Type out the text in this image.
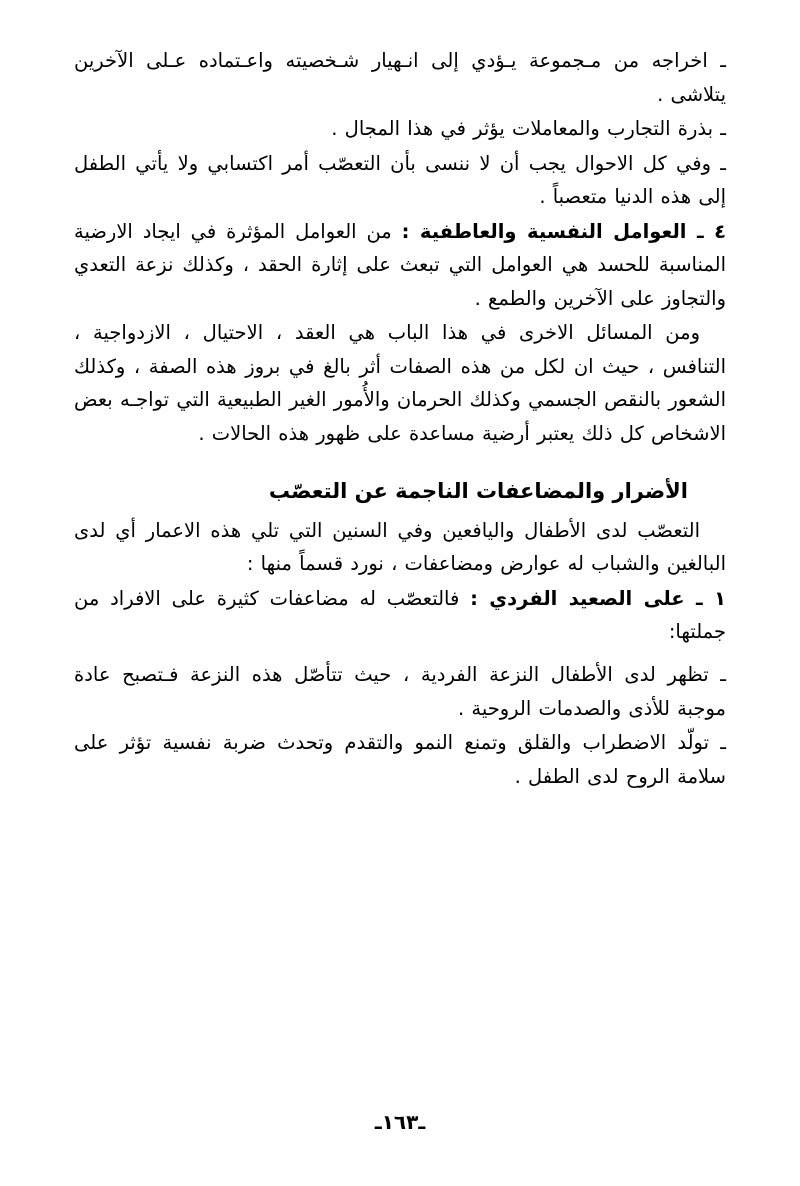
ـ اخراجه من مـجموعة يـؤدي إلى انـهيار شـخصيته واعـتماده عـلى الآخرين يتلاشى .

ـ بذرة التجارب والمعاملات يؤثر في هذا المجال .

ـ وفي كل الاحوال يجب أن لا ننسى بأن التعصّب أمر اكتسابي ولا يأتي الطفل إلى هذه الدنيا متعصباً .

٤ ـ العوامل النفسية والعاطفية : من العوامل المؤثرة في ايجاد الارضية المناسبة للحسد هي العوامل التي تبعث على إثارة الحقد ، وكذلك نزعة التعدي والتجاوز على الآخرين والطمع .

ومن المسائل الاخرى في هذا الباب هي العقد ، الاحتيال ، الازدواجية ، التنافس ، حيث ان لكل من هذه الصفات أثر بالغ في بروز هذه الصفة ، وكذلك الشعور بالنقص الجسمي وكذلك الحرمان والأُمور الغير الطبيعية التي تواجـه بعض الاشخاص كل ذلك يعتبر أرضية مساعدة على ظهور هذه الحالات .

الأضرار والمضاعفات الناجمة عن التعصّب

التعصّب لدى الأطفال واليافعين وفي السنين التي تلي هذه الاعمار أي لدى البالغين والشباب له عوارض ومضاعفات ، نورد قسماً منها :

١ ـ على الصعيد الفردي : فالتعصّب له مضاعفات كثيرة على الافراد من جملتها:

ـ تظهر لدى الأطفال النزعة الفردية ، حيث تتأصّل هذه النزعة فـتصبح عادة موجبة للأذى والصدمات الروحية .

ـ تولّد الاضطراب والقلق وتمنع النمو والتقدم وتحدث ضربة نفسية تؤثر على سلامة الروح لدى الطفل .

ـ١٦٣ـ
